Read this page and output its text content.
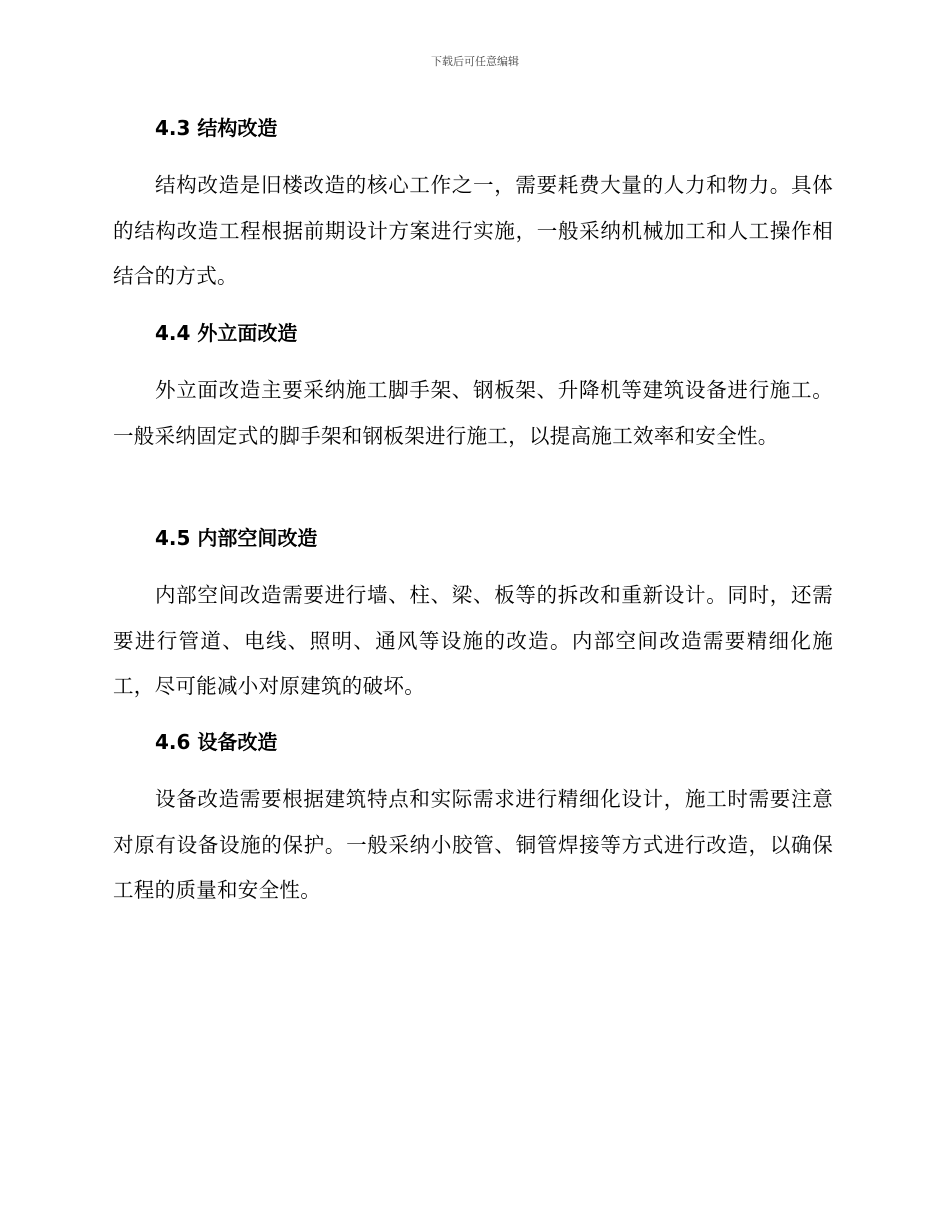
下载后可任意编辑
4.3 结构改造
结构改造是旧楼改造的核心工作之一，需要耗费大量的人力和物力。具体的结构改造工程根据前期设计方案进行实施，一般采纳机械加工和人工操作相结合的方式。
4.4 外立面改造
外立面改造主要采纳施工脚手架、钢板架、升降机等建筑设备进行施工。一般采纳固定式的脚手架和钢板架进行施工，以提高施工效率和安全性。
4.5 内部空间改造
内部空间改造需要进行墙、柱、梁、板等的拆改和重新设计。同时，还需要进行管道、电线、照明、通风等设施的改造。内部空间改造需要精细化施工，尽可能减小对原建筑的破坏。
4.6 设备改造
设备改造需要根据建筑特点和实际需求进行精细化设计，施工时需要注意对原有设备设施的保护。一般采纳小胶管、铜管焊接等方式进行改造，以确保工程的质量和安全性。
